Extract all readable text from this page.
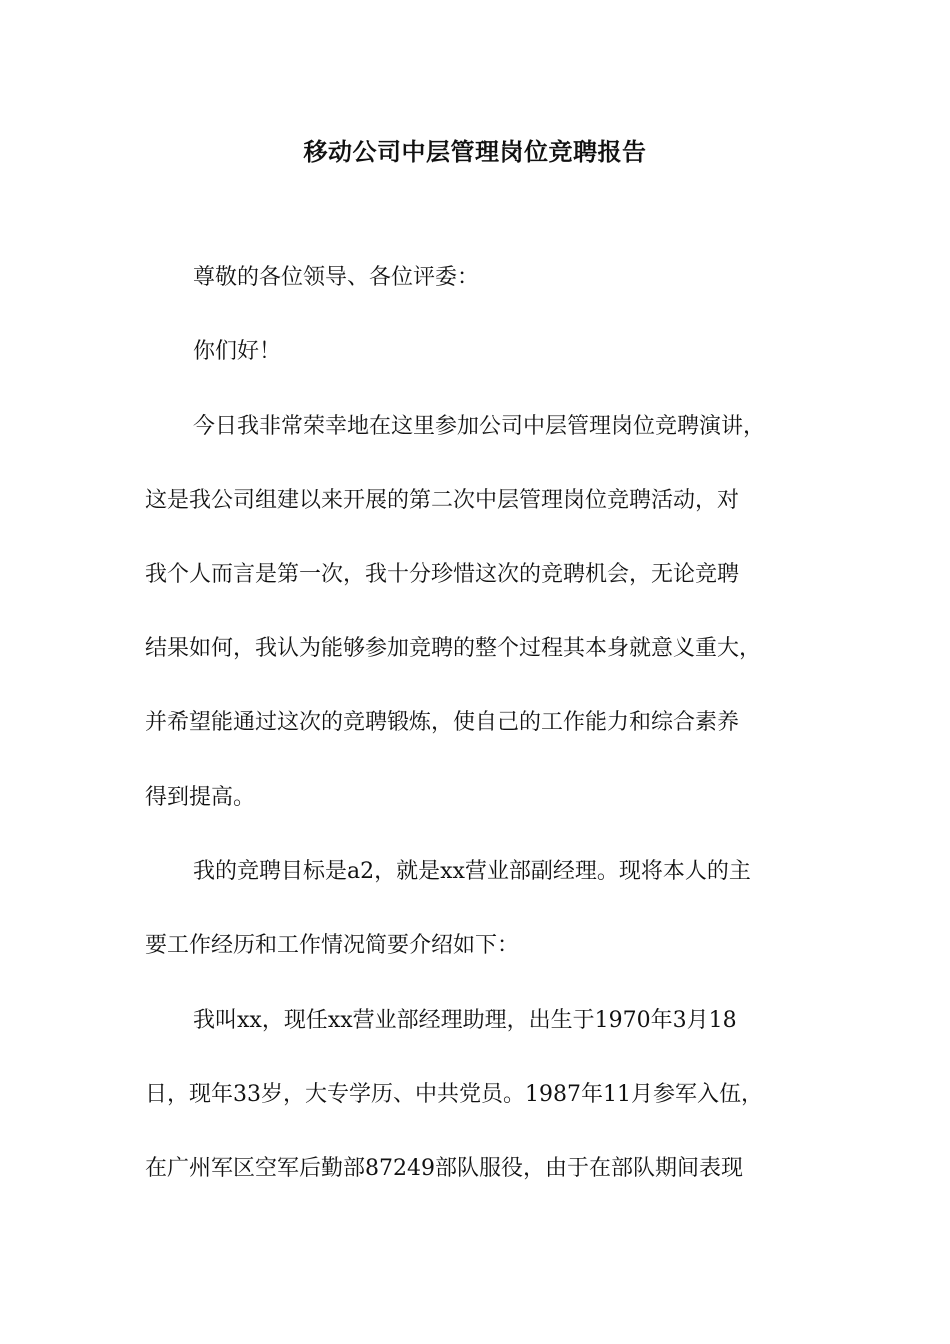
移动公司中层管理岗位竞聘报告
尊敬的各位领导、各位评委：
你们好！
今日我非常荣幸地在这里参加公司中层管理岗位竞聘演讲，
这是我公司组建以来开展的第二次中层管理岗位竞聘活动，对
我个人而言是第一次，我十分珍惜这次的竞聘机会，无论竞聘
结果如何，我认为能够参加竞聘的整个过程其本身就意义重大，
并希望能通过这次的竞聘锻炼，使自己的工作能力和综合素养
得到提高。
我的竞聘目标是a2，就是xx营业部副经理。现将本人的主
要工作经历和工作情况简要介绍如下：
我叫xx，现任xx营业部经理助理，出生于1970年3月18
日，现年33岁，大专学历、中共党员。1987年11月参军入伍，
在广州军区空军后勤部87249部队服役，由于在部队期间表现
